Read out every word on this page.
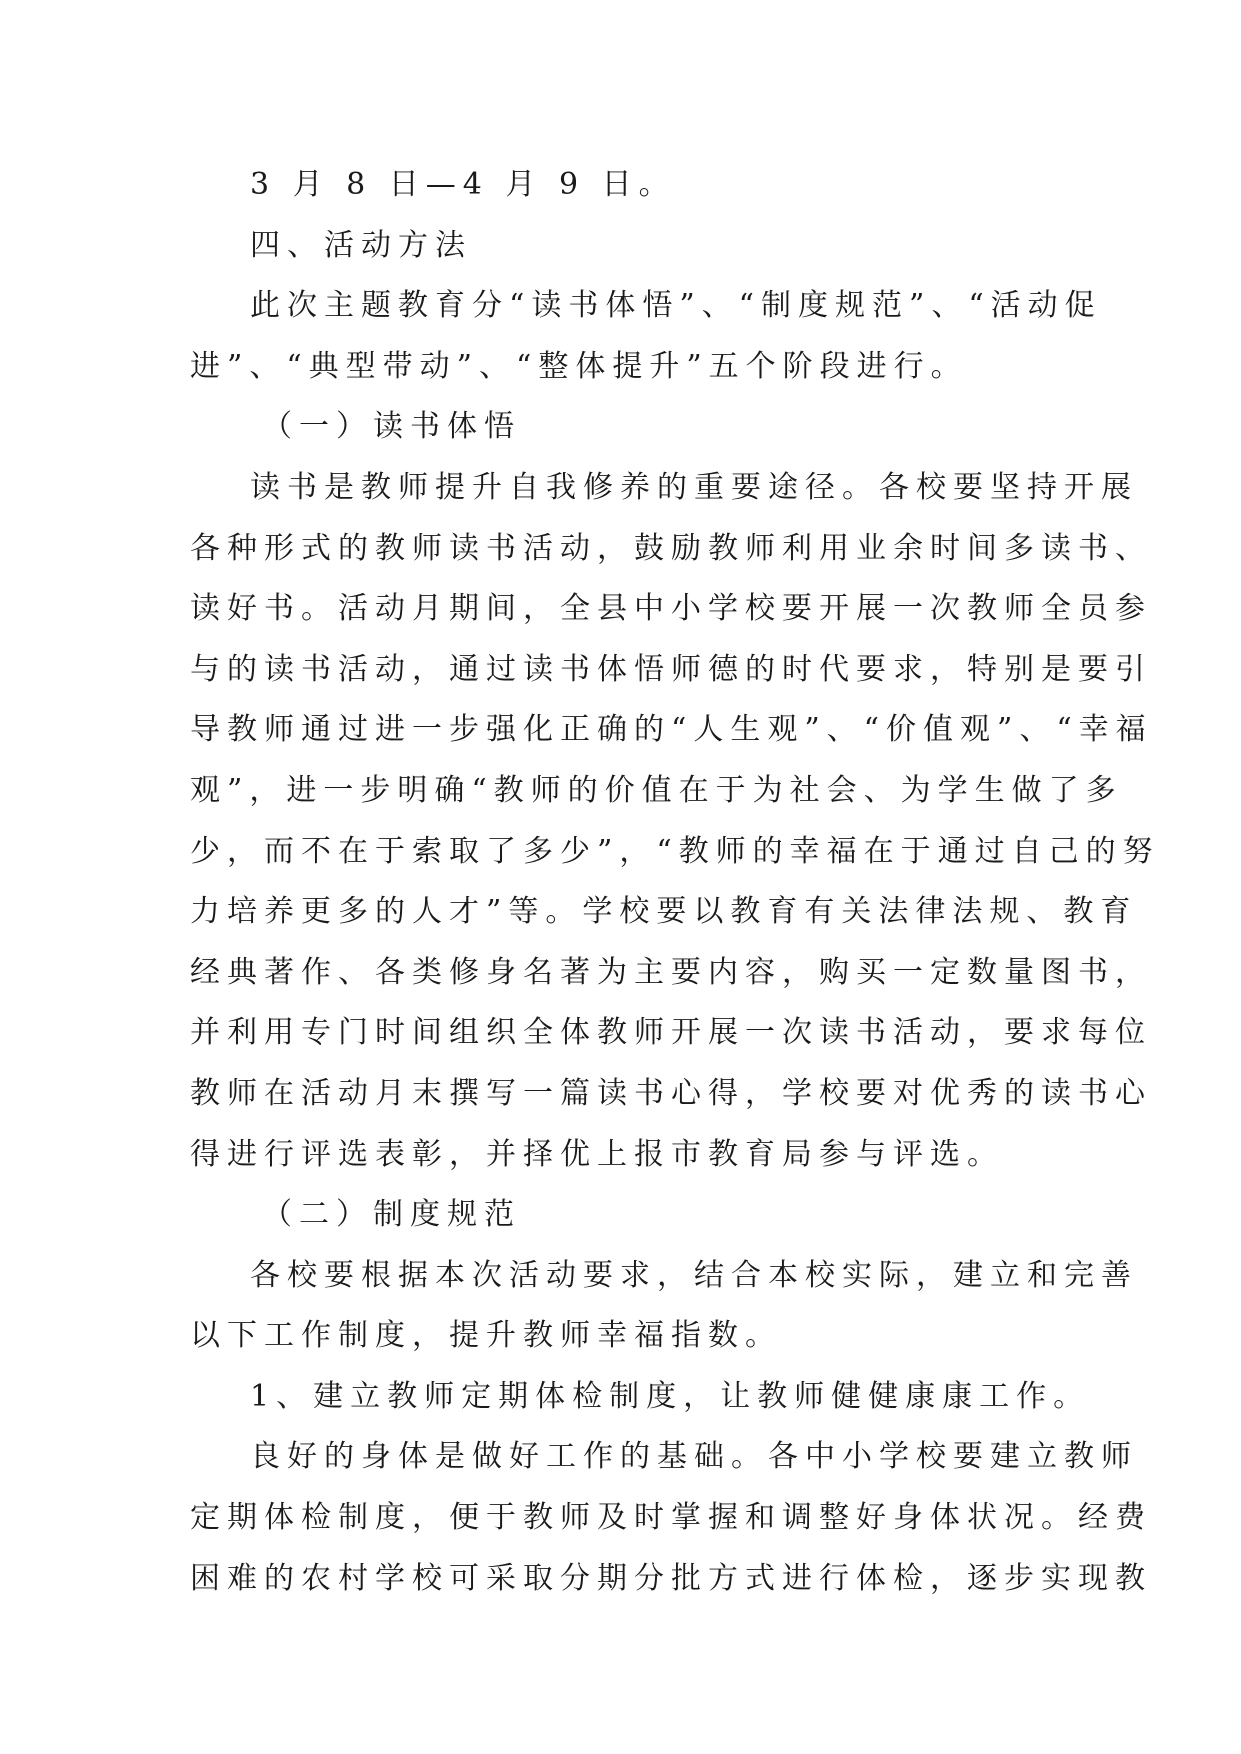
3 月 8 日—4 月 9 日。
四、活动方法
此次主题教育分“读书体悟”、“制度规范”、“活动促
进”、“典型带动”、“整体提升”五个阶段进行。
（一）读书体悟
读书是教师提升自我修养的重要途径。各校要坚持开展
各种形式的教师读书活动，鼓励教师利用业余时间多读书、
读好书。活动月期间，全县中小学校要开展一次教师全员参
与的读书活动，通过读书体悟师德的时代要求，特别是要引
导教师通过进一步强化正确的“人生观”、“价值观”、“幸福
观”，进一步明确“教师的价值在于为社会、为学生做了多
少，而不在于索取了多少”，“教师的幸福在于通过自己的努
力培养更多的人才”等。学校要以教育有关法律法规、教育
经典著作、各类修身名著为主要内容，购买一定数量图书，
并利用专门时间组织全体教师开展一次读书活动，要求每位
教师在活动月末撰写一篇读书心得，学校要对优秀的读书心
得进行评选表彰，并择优上报市教育局参与评选。
（二）制度规范
各校要根据本次活动要求，结合本校实际，建立和完善
以下工作制度，提升教师幸福指数。
1、建立教师定期体检制度，让教师健健康康工作。
良好的身体是做好工作的基础。各中小学校要建立教师
定期体检制度，便于教师及时掌握和调整好身体状况。经费
困难的农村学校可采取分期分批方式进行体检，逐步实现教
